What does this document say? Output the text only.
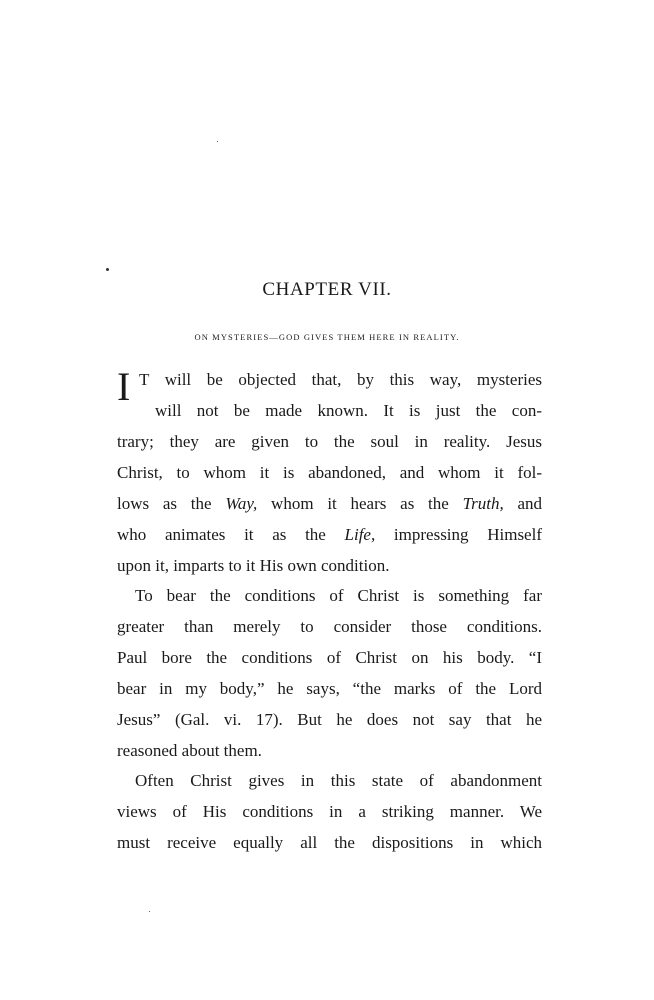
CHAPTER VII.
ON MYSTERIES—GOD GIVES THEM HERE IN REALITY.
I T will be objected that, by this way, mysteries
will not be made known. It is just the con-
trary; they are given to the soul in reality. Jesus
Christ, to whom it is abandoned, and whom it fol-
lows as the Way, whom it hears as the Truth, and
who animates it as the Life, impressing Himself
upon it, imparts to it His own condition.
To bear the conditions of Christ is something far
greater than merely to consider those conditions.
Paul bore the conditions of Christ on his body. “I
bear in my body,” he says, “the marks of the Lord
Jesus” (Gal. vi. 17). But he does not say that he
reasoned about them.
Often Christ gives in this state of abandonment
views of His conditions in a striking manner. We
must receive equally all the dispositions in which
